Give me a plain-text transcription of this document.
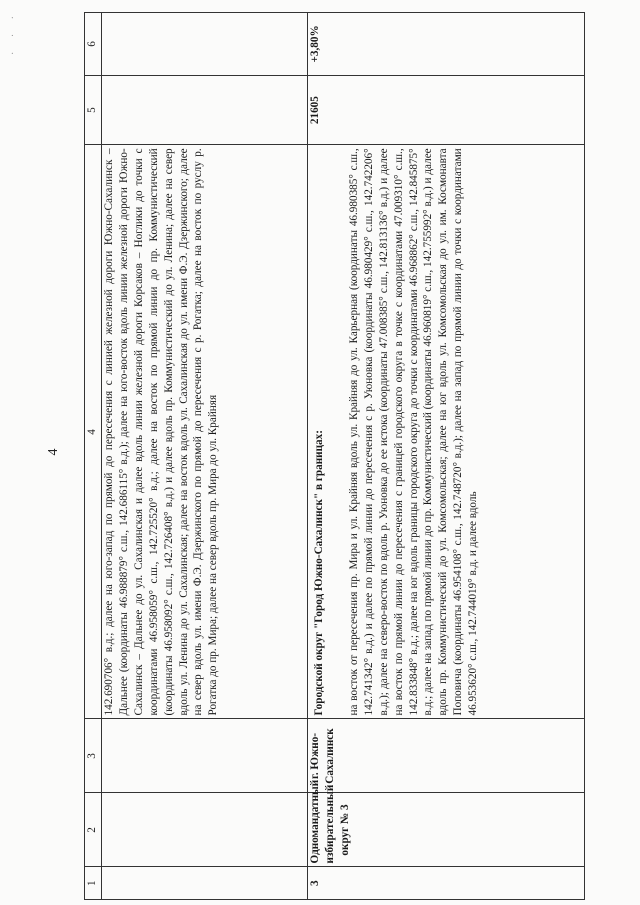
· · ·
4
1	2	3	4	5	6
			142.690706° в.д.; далее на юго-запад по прямой до пересечения с линией железной дороги Южно-Сахалинск – Дальнее (координаты 46.988879° с.ш., 142.686115° в.д.); далее на юго-восток вдоль линии железной дороги Южно-Сахалинск – Дальнее до ул. Сахалинская и далее вдоль линии железной дороги Корсаков – Ноглики до точки с координатами 46.958059° с.ш., 142.725520° в.д.; далее на восток по прямой линии до пр. Коммунистический (координаты 46.958092° с.ш., 142.726408° в.д.) и далее вдоль пр. Коммунистический до ул. Ленина; далее на север вдоль ул. Ленина до ул. Сахалинская; далее на восток вдоль ул. Сахалинская до ул. имени Ф.Э. Дзержинского; далее на север вдоль ул. имени Ф.Э. Дзержинского по прямой до пересечения с р. Рогатка; далее на восток по руслу р. Рогатка до пр. Мира; далее на север вдоль пр. Мира до ул. Крайняя		
3	Одномандатный избирательный округ № 3	г. Южно-Сахалинск	Городской округ "Город Южно-Сахалинск" в границах: на восток от пересечения пр. Мира и ул. Крайняя вдоль ул. Крайняя до ул. Карьерная (координаты 46.980385° с.ш., 142.741342° в.д.) и далее по прямой линии до пересечения с р. Уюновка (координаты 46.980429° с.ш., 142.742206° в.д.); далее на северо-восток по вдоль р. Уюновка до ее истока (координаты 47.008385° с.ш., 142.813136° в.д.) и далее на восток по прямой линии до пересечения с границей городского округа в точке с координатами 47.009310° с.ш., 142.833848° в.д.; далее на юг вдоль границы городского округа до точки с координатами 46.968862° с.ш., 142.845875° в.д.; далее на запад по прямой линии до пр. Коммунистический (координаты 46.960819° с.ш., 142.755992° в.д.) и далее вдоль пр. Коммунистический до ул. Комсомольская; далее на юг вдоль ул. Комсомольская до ул. им. Космонавта Поповича (координаты 46.954108° с.ш., 142.748720° в.д.); далее на запад по прямой линии до точки с координатами 46.953620° с.ш., 142.744019° в.д. и далее вдоль	21605	+3,80%
